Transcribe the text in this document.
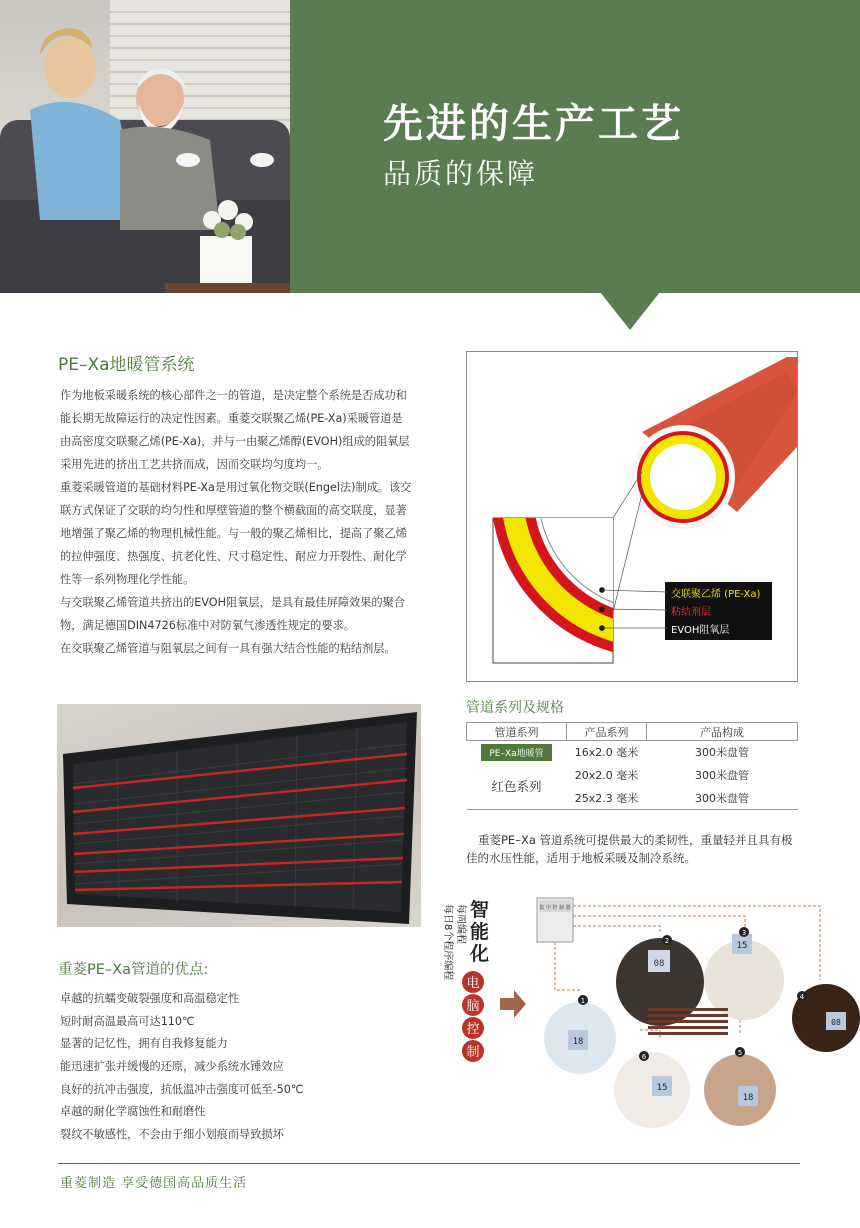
先进的生产工艺
品质的保障
PE–Xa地暖管系统

作为地板采暖系统的核心部件之一的管道，是决定整个系统是否成功和

能长期无故障运行的决定性因素。重菱交联聚乙烯(PE-Xa)采暖管道是

由高密度交联聚乙烯(PE-Xa)，并与一由聚乙烯醇(EVOH)组成的阻氧层

采用先进的挤出工艺共挤而成，因而交联均匀度均一。

重菱采暖管道的基础材料PE-Xa是用过氧化物交联(Engel法)制成。该交

联方式保证了交联的均匀性和厚壁管道的整个横截面的高交联度，显著

地增强了聚乙烯的物理机械性能。与一般的聚乙烯相比，提高了聚乙烯

的拉伸强度、热强度、抗老化性、尺寸稳定性、耐应力开裂性、耐化学

性等一系列物理化学性能。

与交联聚乙烯管道共挤出的EVOH阻氧层，是具有最佳屏障效果的聚合

物，满足德国DIN4726标准中对防氧气渗透性规定的要求。

在交联聚乙烯管道与阻氧层之间有一具有强大结合性能的粘结剂层。

交联聚乙烯 (PE-Xa)
粘结剂层
EVOH阻氧层
管道系列及规格
管道系列	产品系列	产品构成
PE–Xa地暖管	16x2.0 毫米	300米盘管
红色系列	20x2.0 毫米	300米盘管
	25x2.3 毫米	300米盘管
重菱PE–Xa 管道系统可提供最大的柔韧性，重量轻并且具有极佳的水压性能，适用于地板采暖及制冷系统。
重菱PE–Xa管道的优点:
卓越的抗蠕变破裂强度和高温稳定性
短时耐高温最高可达110℃
显著的记忆性，拥有自我修复能力
能迅速扩张并缓慢的还原，减少系统水锤效应
良好的抗冲击强度，抗低温冲击强度可低至-50℃
卓越的耐化学腐蚀性和耐磨性
裂纹不敏感性，不会由于细小划痕而导致损坏
智
能
化
每周编程
每日8个程序编程
电
脑
控
制
集 中 控 制 器
08
15
08
18
15
18
1
2
3
4
5
6
重菱制造 享受德国高品质生活
